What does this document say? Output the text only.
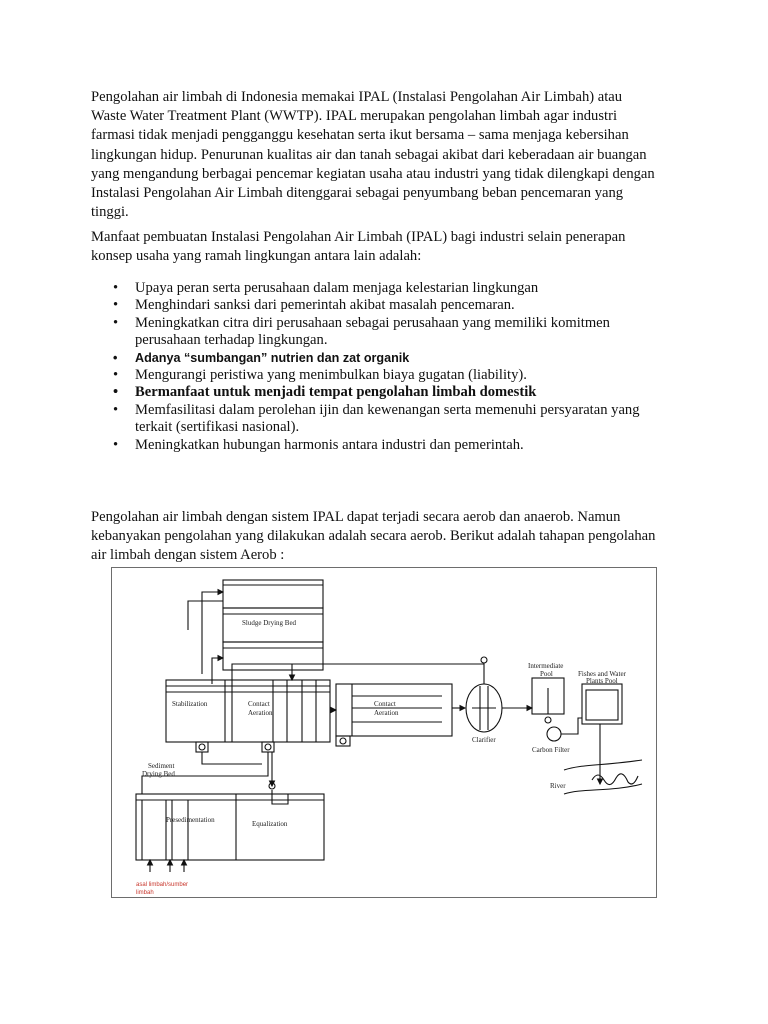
Pengolahan air limbah di Indonesia memakai IPAL (Instalasi Pengolahan Air Limbah) atau
Waste Water Treatment Plant (WWTP). IPAL merupakan pengolahan limbah agar industri
farmasi tidak menjadi pengganggu kesehatan serta ikut bersama – sama menjaga kebersihan
lingkungan hidup. Penurunan kualitas air dan tanah sebagai akibat dari keberadaan air buangan
yang mengandung berbagai pencemar kegiatan usaha atau industri yang tidak dilengkapi dengan
Instalasi Pengolahan Air Limbah ditenggarai sebagai penyumbang beban pencemaran yang
tinggi.

Manfaat pembuatan Instalasi Pengolahan Air Limbah (IPAL) bagi industri selain penerapan
konsep usaha yang ramah lingkungan antara lain adalah:

• Upaya peran serta perusahaan dalam menjaga kelestarian lingkungan
• Menghindari sanksi dari pemerintah akibat masalah pencemaran.
• Meningkatkan citra diri perusahaan sebagai perusahaan yang memiliki komitmen
perusahaan terhadap lingkungan.
• Adanya “sumbangan” nutrien dan zat organik
• Mengurangi peristiwa yang menimbulkan biaya gugatan (liability).
• Bermanfaat untuk menjadi tempat pengolahan limbah domestik
• Memfasilitasi dalam perolehan ijin dan kewenangan serta memenuhi persyaratan yang
terkait (sertifikasi nasional).
• Meningkatkan hubungan harmonis antara industri dan pemerintah.

Pengolahan air limbah dengan sistem IPAL dapat terjadi secara aerob dan anaerob. Namun
kebanyakan pengolahan yang dilakukan adalah secara aerob. Berikut adalah tahapan pengolahan
air limbah dengan sistem Aerob :

Sludge Drying Bed
Stabilization	Contact
Aeration
Contact
Aeration
Clarifier
Intermediate
Pool	Fishes and Water
Plants Pool
Carbon Filter
River
Sediment
Drying Bed
Presedimentation	Equalization
asal limbah/sumber
limbah
